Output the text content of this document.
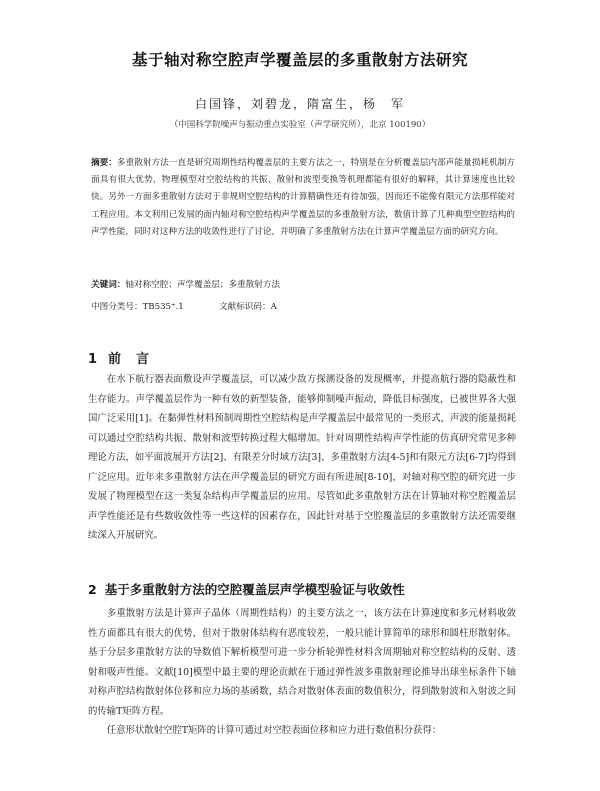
基于轴对称空腔声学覆盖层的多重散射方法研究
白国锋，刘碧龙，隋富生，杨　军
（中国科学院噪声与振动重点实验室（声学研究所），北京 100190）
摘要：多重散射方法一直是研究周期性结构覆盖层的主要方法之一，特别是在分析覆盖层内部声能量损耗机制方面具有很大优势，物理模型对空腔结构的共振、散射和波型变换等机理都能有很好的解释，其计算速度也比较快。另外一方面多重散射方法对于非规则空腔结构的计算精确性还有待加强，因而还不能像有限元方法那样能对工程应用。本文利用已发展的面内轴对称空腔结构声学覆盖层的多重散射方法，数值计算了几种典型空腔结构的声学性能，同时对这种方法的收敛性进行了讨论，并明确了多重散射方法在计算声学覆盖层方面的研究方向。
关键词：轴对称空腔；声学覆盖层；多重散射方法
中图分类号：TB535⁺.1	文献标识码：A
1 前　言

在水下航行器表面敷设声学覆盖层，可以减少敌方探测设备的发现概率，并提高航行器的隐蔽性和生存能力。声学覆盖层作为一种有效的新型装备，能够抑制噪声振动，降低目标强度，已被世界各大强国广泛采用[1]。在黏弹性材料预制周期性空腔结构是声学覆盖层中最常见的一类形式，声波的能量损耗可以通过空腔结构共振、散射和波型转换过程大幅增加。针对周期性结构声学性能的仿真研究常见多种理论方法，如平面波展开方法[2]、有限差分时域方法[3]、多重散射方法[4-5]和有限元方法[6-7]均得到广泛应用。近年来多重散射方法在声学覆盖层的研究方面有所进展[8-10]，对轴对称空腔的研究进一步发展了物理模型在这一类复杂结构声学覆盖层的应用。尽管如此多重散射方法在计算轴对称空腔覆盖层声学性能还是有些数收敛性等一些这样的因素存在，因此针对基于空腔覆盖层的多重散射方法还需要继续深入开展研究。

2 基于多重散射方法的空腔覆盖层声学模型验证与收敛性

多重散射方法是计算声子晶体（周期性结构）的主要方法之一，该方法在计算速度和多元材料收敛性方面都具有很大的优势，但对于散射体结构有恶度较差，一般只能计算简单的球形和圆柱形散射体。基于分层多重散射方法的导数值下解析模型可进一步分析轮弹性材料含周期轴对称空腔结构的反射、透射和吸声性能。文献[10]模型中最主要的理论贡献在于通过弹性波多重散射理论推导出球坐标条件下轴对称声腔结构散射体位移和应力场的基函数，结合对散射体表面的数值积分，得到散射波和入射波之间的传输T矩阵方程。

任意形状散射空腔T矩阵的计算可通过对空腔表面位移和应力进行数值积分获得：
